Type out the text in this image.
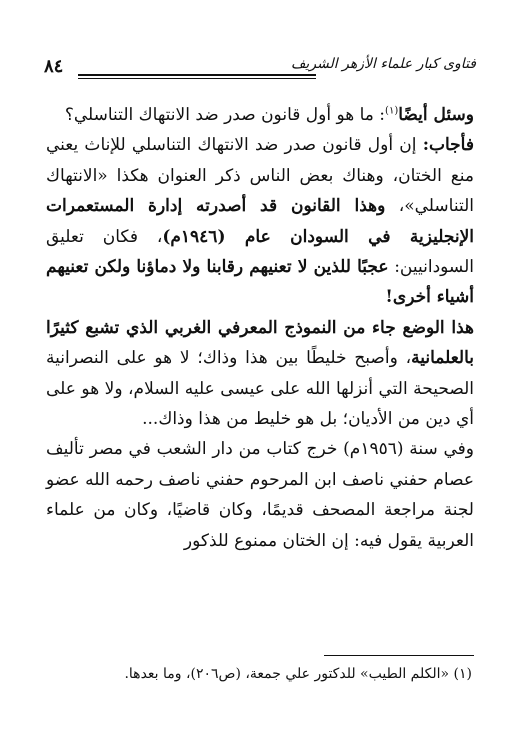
٨٤	فتاوى كبار علماء الأزهر الشريف

وسئل أيضًا$^{(١)}$: ما هو أول قانون صدر ضد الانتهاك التناسلي؟

فأجاب: إن أول قانون صدر ضد الانتهاك التناسلي للإناث يعني منع الختان، وهناك بعض الناس ذكر العنوان هكذا «الانتهاك التناسلي»، وهذا القانون قد أصدرته إدارة المستعمرات الإنجليزية في السودان عام (١٩٤٦م)، فكان تعليق السودانيين: عجبًا للذين لا تعنيهم رقابنا ولا دماؤنا ولكن تعنيهم أشياء أخرى!

هذا الوضع جاء من النموذج المعرفي الغربي الذي تشبع كثيرًا بالعلمانية، وأصبح خليطًا بين هذا وذاك؛ لا هو على النصرانية الصحيحة التي أنزلها الله على عيسى عليه السلام، ولا هو على أي دين من الأديان؛ بل هو خليط من هذا وذاك...

وفي سنة (١٩٥٦م) خرج كتاب من دار الشعب في مصر تأليف عصام حفني ناصف ابن المرحوم حفني ناصف رحمه الله عضو لجنة مراجعة المصحف قديمًا، وكان قاضيًا، وكان من علماء العربية يقول فيه: إن الختان ممنوع للذكور

(١) «الكلم الطيب» للدكتور علي جمعة، (ص٢٠٦)، وما بعدها.
